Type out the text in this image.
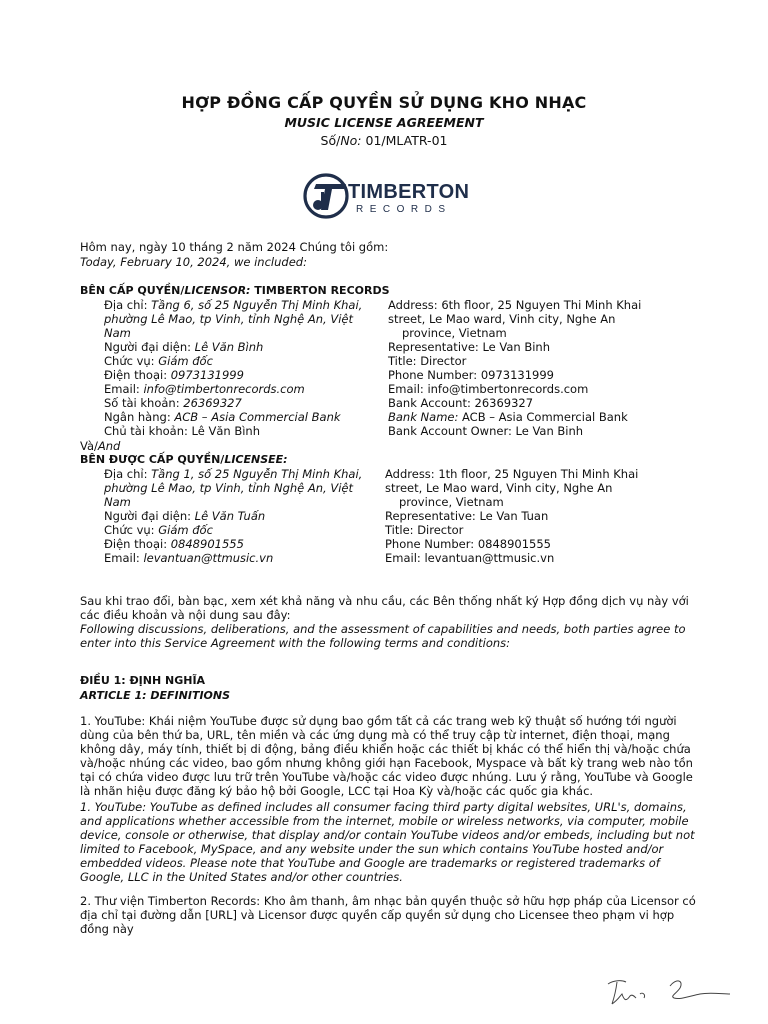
HỢP ĐỒNG CẤP QUYỀN SỬ DỤNG KHO NHẠC
MUSIC LICENSE AGREEMENT
Số/No: 01/MLATR-01
TIMBERTON
RECORDS
Hôm nay, ngày 10 tháng 2 năm 2024 Chúng tôi gồm:
Today, February 10, 2024, we included:
BÊN CẤP QUYỀN/LICENSOR: TIMBERTON RECORDS
Địa chỉ: Tầng 6, số 25 Nguyễn Thị Minh Khai,
phường Lê Mao, tp Vinh, tỉnh Nghệ An, Việt
Nam
Người đại diện: Lê Văn Bình
Chức vụ: Giám đốc
Điện thoại: 0973131999
Email: info@timbertonrecords.com
Số tài khoản: 26369327
Ngân hàng: ACB – Asia Commercial Bank
Chủ tài khoản: Lê Văn Bình
Address: 6th floor, 25 Nguyen Thi Minh Khai
street, Le Mao ward, Vinh city, Nghe An
province, Vietnam
Representative: Le Van Binh
Title: Director
Phone Number: 0973131999
Email: info@timbertonrecords.com
Bank Account: 26369327
Bank Name: ACB – Asia Commercial Bank
Bank Account Owner: Le Van Binh
Và/And
BÊN ĐƯỢC CẤP QUYỀN/LICENSEE:
Địa chỉ: Tầng 1, số 25 Nguyễn Thị Minh Khai,
phường Lê Mao, tp Vinh, tỉnh Nghệ An, Việt
Nam
Người đại diện: Lê Văn Tuấn
Chức vụ: Giám đốc
Điện thoại: 0848901555
Email: levantuan@ttmusic.vn
Address: 1th floor, 25 Nguyen Thi Minh Khai
street, Le Mao ward, Vinh city, Nghe An
province, Vietnam
Representative: Le Van Tuan
Title: Director
Phone Number: 0848901555
Email: levantuan@ttmusic.vn
Sau khi trao đổi, bàn bạc, xem xét khả năng và nhu cầu, các Bên thống nhất ký Hợp đồng dịch vụ này với các điều khoản và nội dung sau đây:
Following discussions, deliberations, and the assessment of capabilities and needs, both parties agree to enter into this Service Agreement with the following terms and conditions:
ĐIỀU 1: ĐỊNH NGHĨA
ARTICLE 1: DEFINITIONS
1. YouTube: Khái niệm YouTube được sử dụng bao gồm tất cả các trang web kỹ thuật số hướng tới người dùng của bên thứ ba, URL, tên miền và các ứng dụng mà có thể truy cập từ internet, điện thoại, mạng không dây, máy tính, thiết bị di động, bảng điều khiển hoặc các thiết bị khác có thể hiển thị và/hoặc chứa và/hoặc nhúng các video, bao gồm nhưng không giới hạn Facebook, Myspace và bất kỳ trang web nào tồn tại có chứa video được lưu trữ trên YouTube và/hoặc các video được nhúng. Lưu ý rằng, YouTube và Google là nhãn hiệu được đăng ký bảo hộ bởi Google, LCC tại Hoa Kỳ và/hoặc các quốc gia khác.
1. YouTube: YouTube as defined includes all consumer facing third party digital websites, URL's, domains, and applications whether accessible from the internet, mobile or wireless networks, via computer, mobile device, console or otherwise, that display and/or contain YouTube videos and/or embeds, including but not limited to Facebook, MySpace, and any website under the sun which contains YouTube hosted and/or embedded videos. Please note that YouTube and Google are trademarks or registered trademarks of Google, LLC in the United States and/or other countries.
2. Thư viện Timberton Records: Kho âm thanh, âm nhạc bản quyền thuộc sở hữu hợp pháp của Licensor có địa chỉ tại đường dẫn [URL] và Licensor được quyền cấp quyền sử dụng cho Licensee theo phạm vi hợp đồng này
